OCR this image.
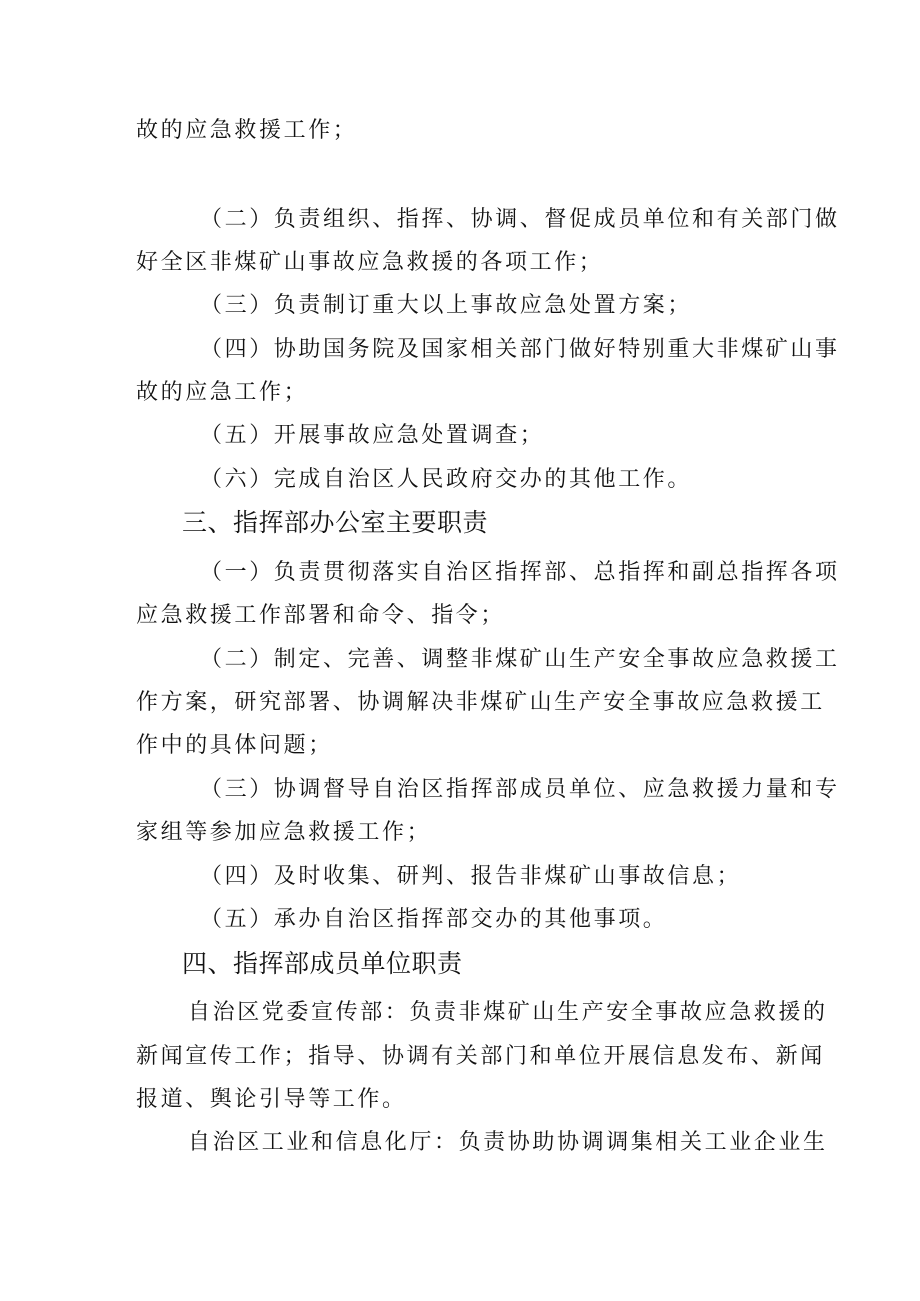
故的应急救援工作；
（二）负责组织、指挥、协调、督促成员单位和有关部门做
好全区非煤矿山事故应急救援的各项工作；
（三）负责制订重大以上事故应急处置方案；
（四）协助国务院及国家相关部门做好特别重大非煤矿山事
故的应急工作；
（五）开展事故应急处置调查；
（六）完成自治区人民政府交办的其他工作。
三、指挥部办公室主要职责
（一）负责贯彻落实自治区指挥部、总指挥和副总指挥各项
应急救援工作部署和命令、指令；
（二）制定、完善、调整非煤矿山生产安全事故应急救援工
作方案，研究部署、协调解决非煤矿山生产安全事故应急救援工
作中的具体问题；
（三）协调督导自治区指挥部成员单位、应急救援力量和专
家组等参加应急救援工作；
（四）及时收集、研判、报告非煤矿山事故信息；
（五）承办自治区指挥部交办的其他事项。
四、指挥部成员单位职责
自治区党委宣传部：负责非煤矿山生产安全事故应急救援的
新闻宣传工作；指导、协调有关部门和单位开展信息发布、新闻
报道、舆论引导等工作。
自治区工业和信息化厅：负责协助协调调集相关工业企业生
